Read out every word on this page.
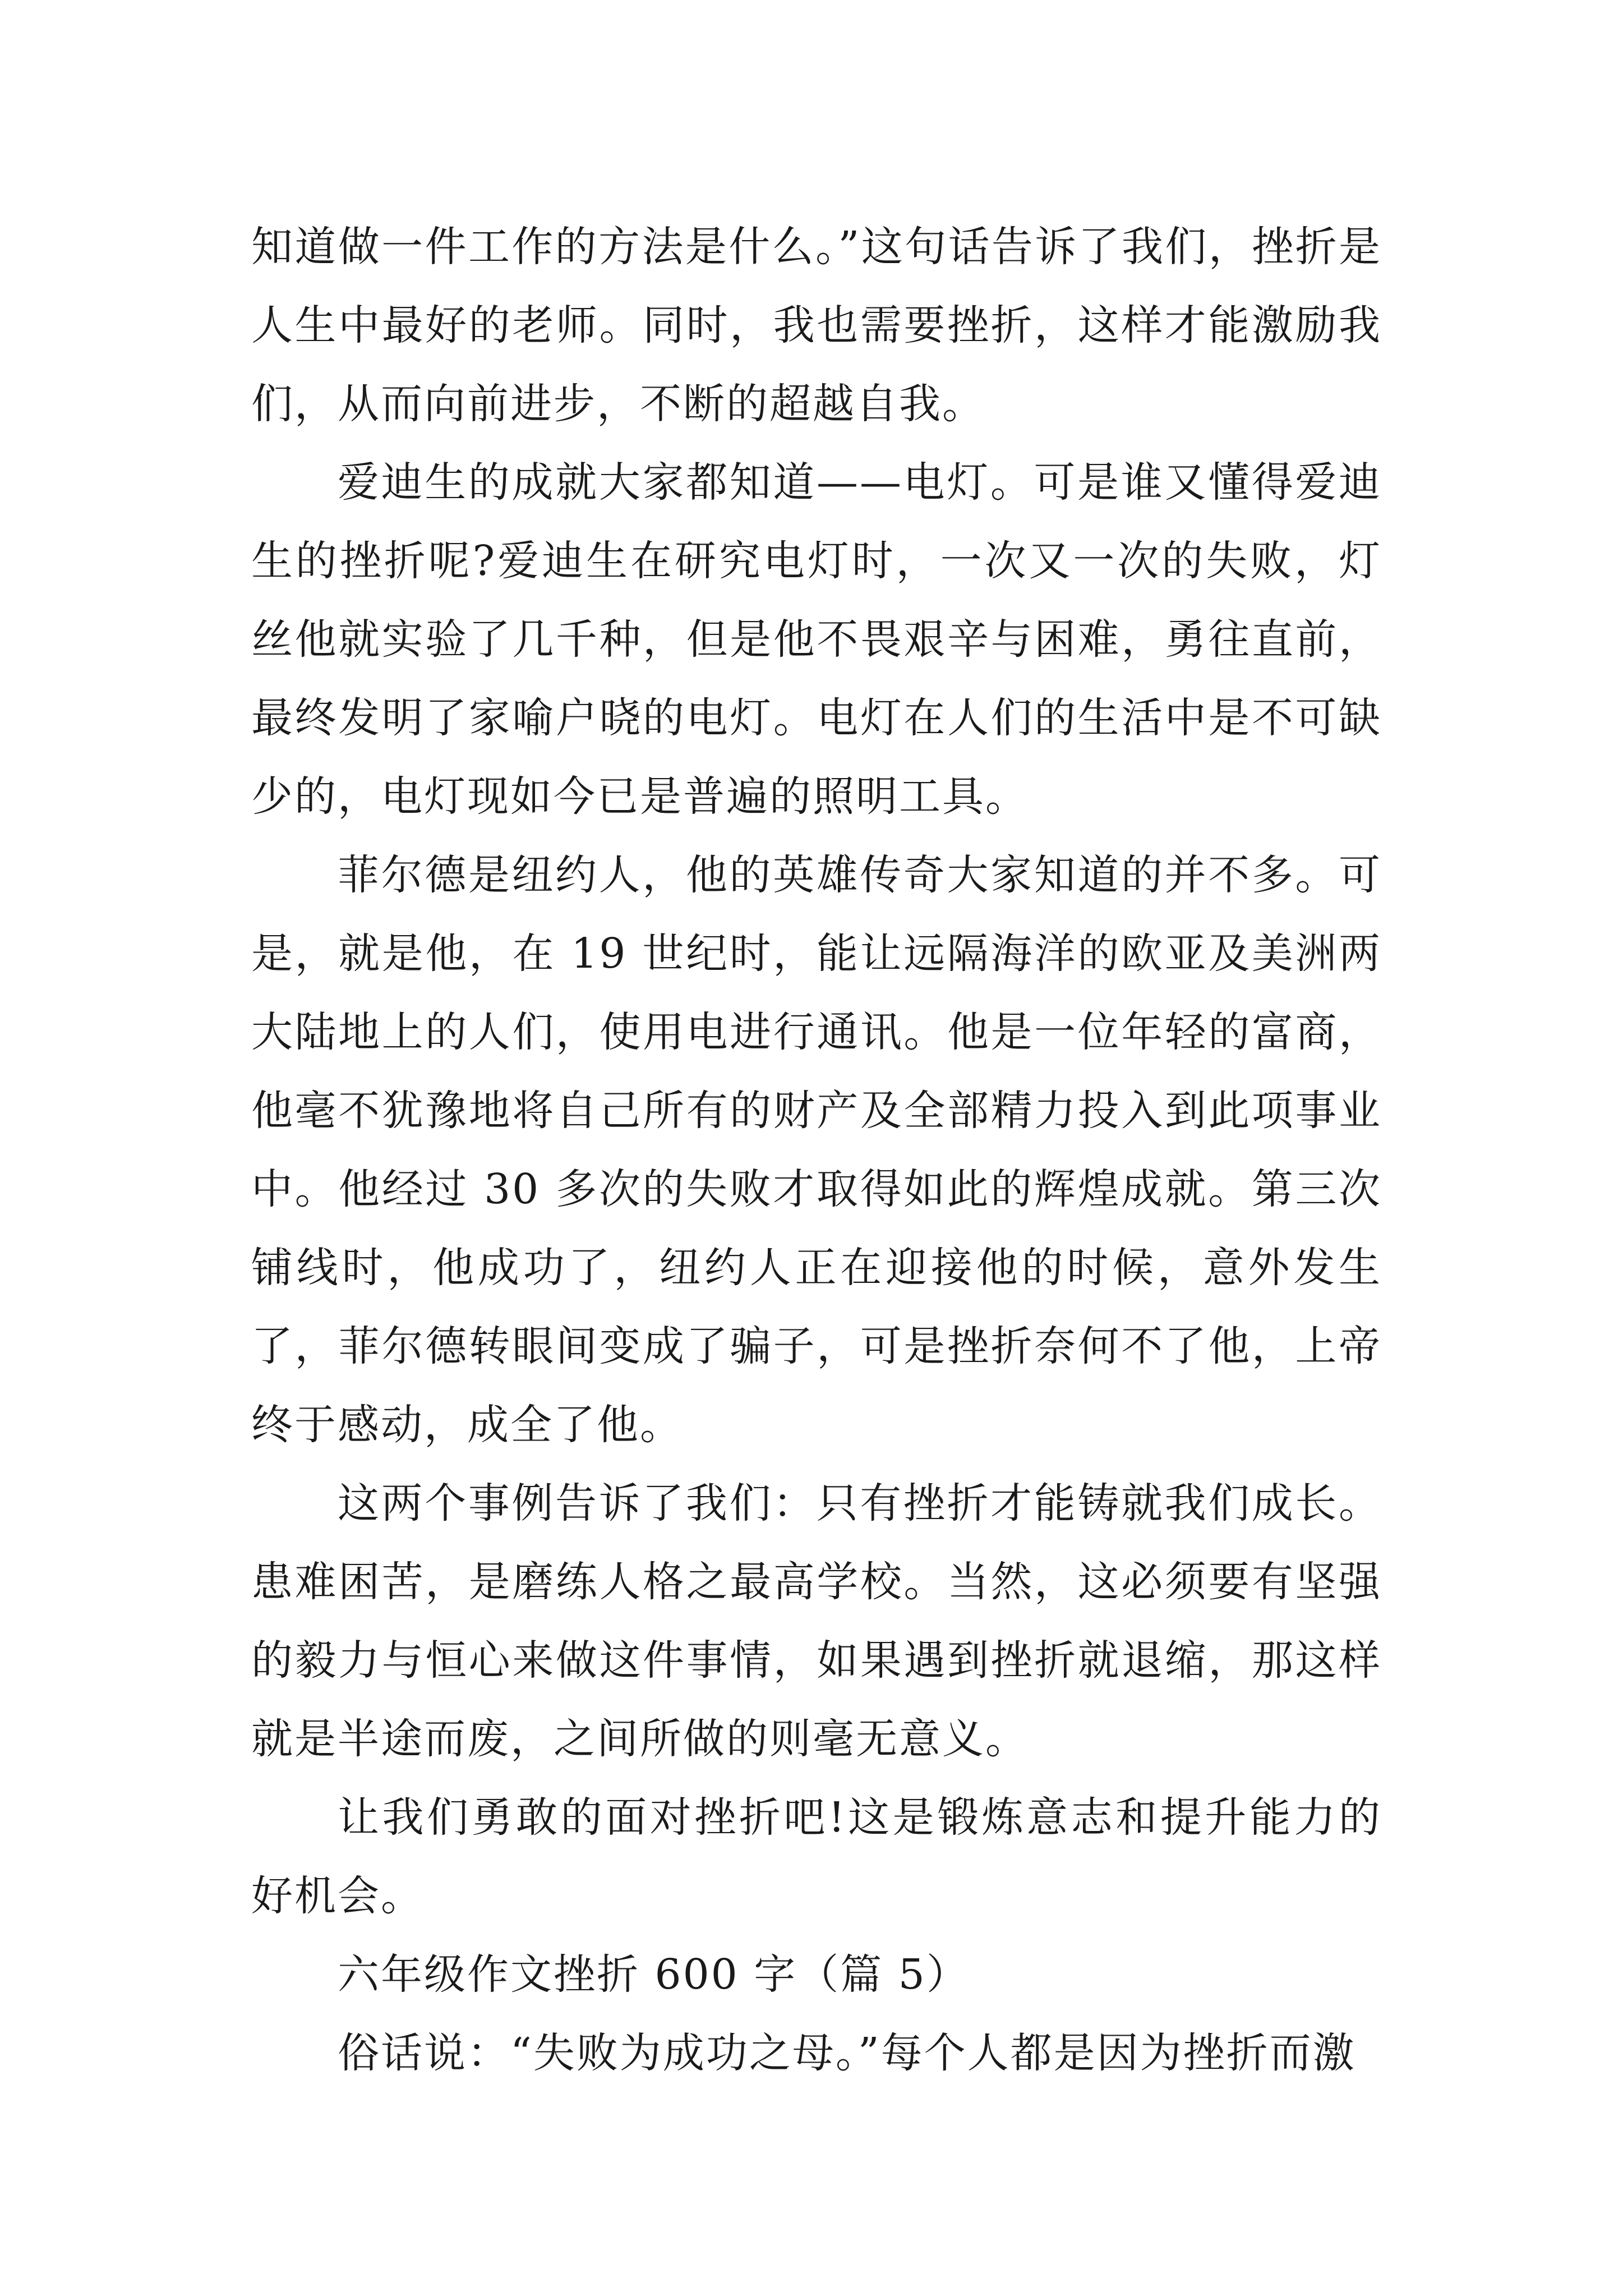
知道做一件工作的方法是什么。”这句话告诉了我们，挫折是人生中最好的老师。同时，我也需要挫折，这样才能激励我们，从而向前进步，不断的超越自我。

爱迪生的成就大家都知道——电灯。可是谁又懂得爱迪生的挫折呢?爱迪生在研究电灯时，一次又一次的失败，灯丝他就实验了几千种，但是他不畏艰辛与困难，勇往直前，最终发明了家喻户晓的电灯。电灯在人们的生活中是不可缺少的，电灯现如今已是普遍的照明工具。

菲尔德是纽约人，他的英雄传奇大家知道的并不多。可是，就是他，在 19 世纪时，能让远隔海洋的欧亚及美洲两大陆地上的人们，使用电进行通讯。他是一位年轻的富商，他毫不犹豫地将自己所有的财产及全部精力投入到此项事业中。他经过 30 多次的失败才取得如此的辉煌成就。第三次铺线时，他成功了，纽约人正在迎接他的时候，意外发生了，菲尔德转眼间变成了骗子，可是挫折奈何不了他，上帝终于感动，成全了他。

这两个事例告诉了我们：只有挫折才能铸就我们成长。患难困苦，是磨练人格之最高学校。当然，这必须要有坚强的毅力与恒心来做这件事情，如果遇到挫折就退缩，那这样就是半途而废，之间所做的则毫无意义。

让我们勇敢的面对挫折吧!这是锻炼意志和提升能力的好机会。

六年级作文挫折 600 字（篇 5）

俗话说：“失败为成功之母。”每个人都是因为挫折而激
